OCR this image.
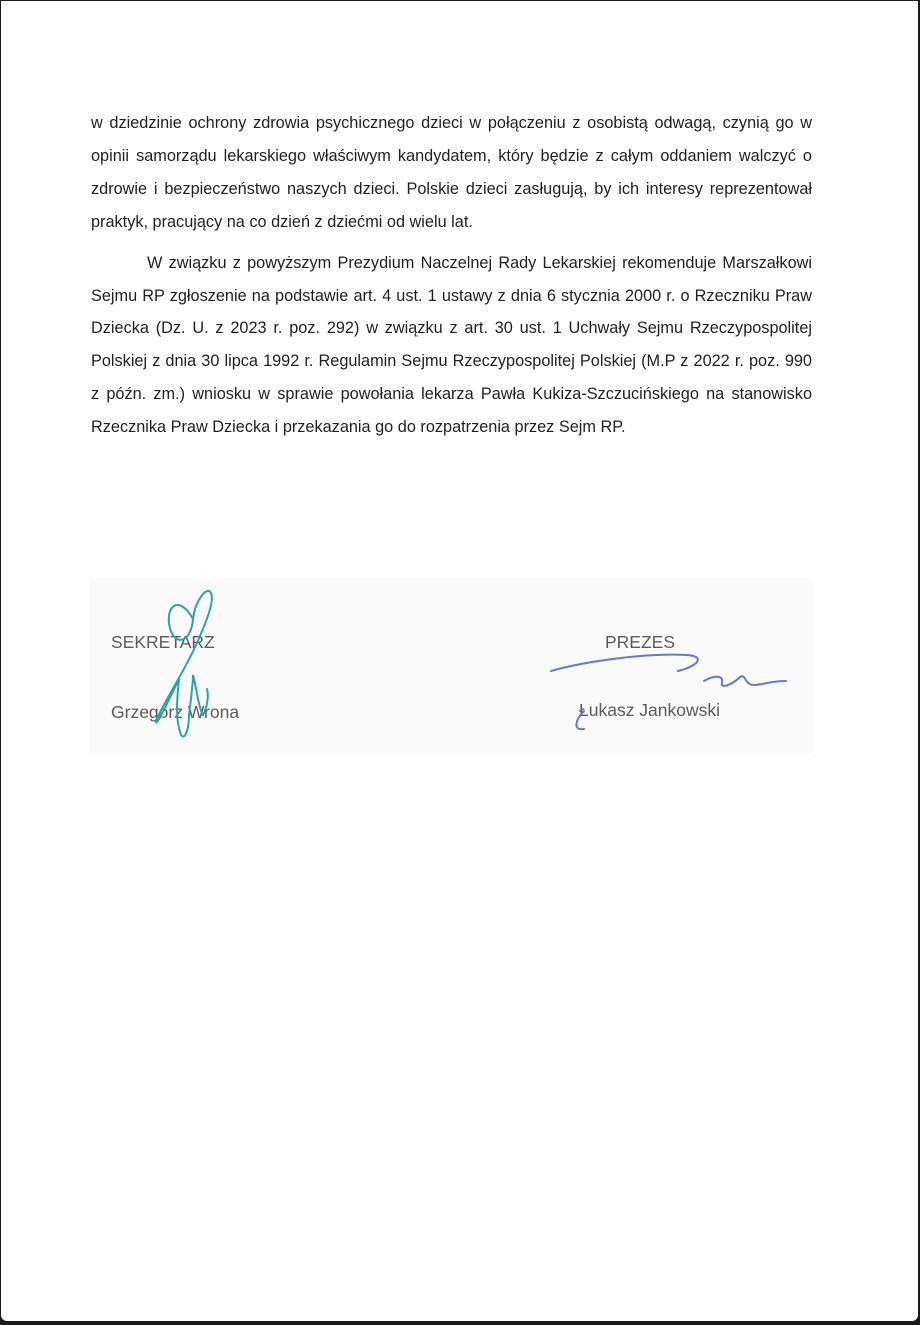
w dziedzinie ochrony zdrowia psychicznego dzieci w połączeniu z osobistą odwagą, czynią go w opinii samorządu lekarskiego właściwym kandydatem, który będzie z całym oddaniem walczyć o zdrowie i bezpieczeństwo naszych dzieci. Polskie dzieci zasługują, by ich interesy reprezentował praktyk, pracujący na co dzień z dziećmi od wielu lat.

W związku z powyższym Prezydium Naczelnej Rady Lekarskiej rekomenduje Marszałkowi Sejmu RP zgłoszenie na podstawie art. 4 ust. 1 ustawy z dnia 6 stycznia 2000 r. o Rzeczniku Praw Dziecka (Dz. U. z 2023 r. poz. 292) w związku z art. 30 ust. 1 Uchwały Sejmu Rzeczypospolitej Polskiej z dnia 30 lipca 1992 r. Regulamin Sejmu Rzeczypospolitej Polskiej (M.P z 2022 r. poz. 990 z późn. zm.) wniosku w sprawie powołania lekarza Pawła Kukiza-Szczucińskiego na stanowisko Rzecznika Praw Dziecka i przekazania go do rozpatrzenia przez Sejm RP.

SEKRETARZ
Grzegorz Wrona
PREZES
Łukasz Jankowski
